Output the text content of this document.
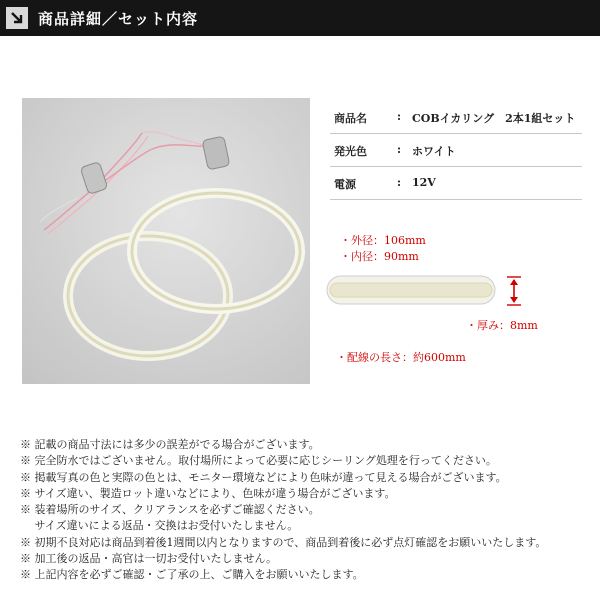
商品詳細／セット内容
商品名	: COBイカリング　2本1組セット
発光色	: ホワイト
電源	: 12V
・外径：106mm
・内径：90mm
・厚み：8mm
・配線の長さ：約600mm
※ 記載の商品寸法には多少の誤差がでる場合がございます。
※ 完全防水ではございません。取付場所によって必要に応じシーリング処理を行ってください。
※ 掲載写真の色と実際の色とは、モニター環境などにより色味が違って見える場合がございます。
※ サイズ違い、製造ロット違いなどにより、色味が違う場合がございます。
※ 装着場所のサイズ、クリアランスを必ずご確認ください。
　 サイズ違いによる返品・交換はお受付いたしません。
※ 初期不良対応は商品到着後1週間以内となりますので、商品到着後に必ず点灯確認をお願いいたします。
※ 加工後の返品・高官は一切お受付いたしません。
※ 上記内容を必ずご確認・ご了承の上、ご購入をお願いいたします。
